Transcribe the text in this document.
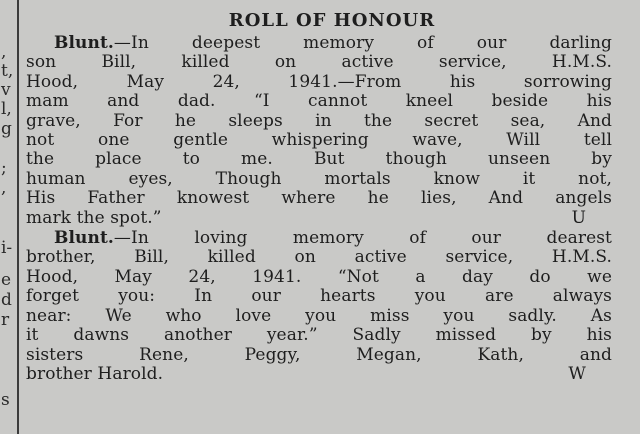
,
t,
v
l,
g
;
,
i-
e
d
r
s
ROLL OF HONOUR

Blunt.—In deepest memory of our darling
son Bill, killed on active service, H.M.S.
Hood, May 24, 1941.—From his sorrowing
mam and dad. “I cannot kneel beside his
grave, For he sleeps in the secret sea, And
not one gentle whispering wave, Will tell
the place to me. But though unseen by
human eyes, Though mortals know it not,
His Father knowest where he lies, And angels
mark the spot.”	U

Blunt.—In loving memory of our dearest
brother, Bill, killed on active service, H.M.S.
Hood, May 24, 1941. “Not a day do we
forget you: In our hearts you are always
near: We who love you miss you sadly. As
it dawns another year.” Sadly missed by his
sisters Rene, Peggy, Megan, Kath, and
brother Harold.	W
